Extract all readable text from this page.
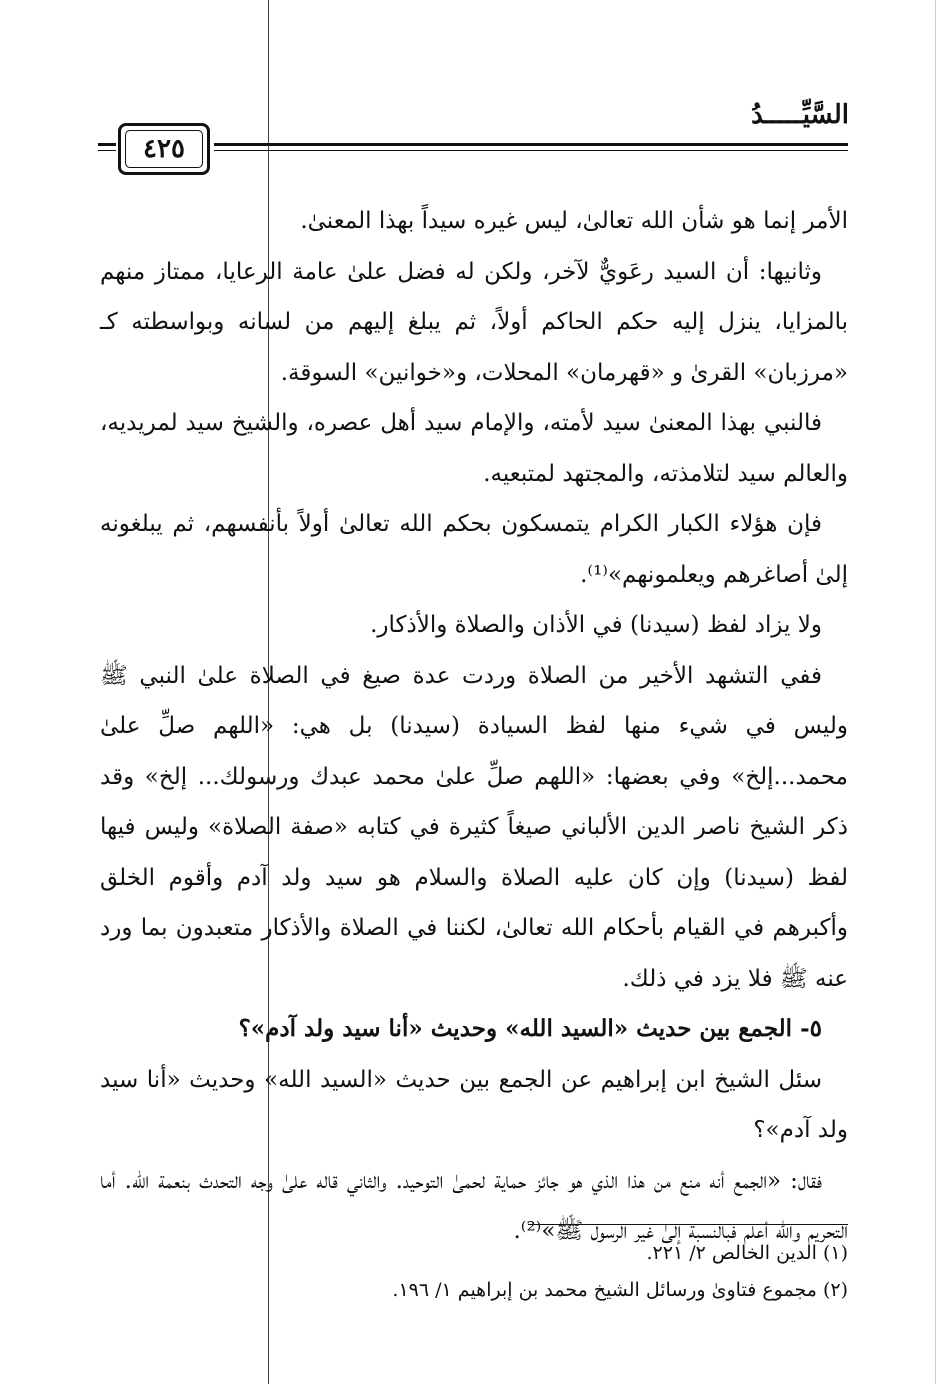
السَّيِّـــــدُ
٤٢٥

الأمر إنما هو شأن الله تعالىٰ، ليس غيره سيداً بهذا المعنىٰ.

وثانيها: أن السيد رعَويٌّ لآخر، ولكن له فضل علىٰ عامة الرعايا، ممتاز منهم بالمزايا، ينزل إليه حكم الحاكم أولاً، ثم يبلغ إليهم من لسانه وبواسطته كـ «مرزبان» القرىٰ و «قهرمان» المحلات، و«خوانين» السوقة.

فالنبي بهذا المعنىٰ سيد لأمته، والإمام سيد أهل عصره، والشيخ سيد لمريديه، والعالم سيد لتلامذته، والمجتهد لمتبعيه.

فإن هؤلاء الكبار الكرام يتمسكون بحكم الله تعالىٰ أولاً بأنفسهم، ثم يبلغونه إلىٰ أصاغرهم ويعلمونهم»⁽¹⁾.

ولا يزاد لفظ (سيدنا) في الأذان والصلاة والأذكار.

ففي التشهد الأخير من الصلاة وردت عدة صيغ في الصلاة علىٰ النبي ﷺ وليس في شيء منها لفظ السيادة (سيدنا) بل هي: «اللهم صلِّ علىٰ محمد...إلخ» وفي بعضها: «اللهم صلِّ علىٰ محمد عبدك ورسولك... إلخ» وقد ذكر الشيخ ناصر الدين الألباني صيغاً كثيرة في كتابه «صفة الصلاة» وليس فيها لفظ (سيدنا) وإن كان عليه الصلاة والسلام هو سيد ولد آدم وأقوم الخلق وأكبرهم في القيام بأحكام الله تعالىٰ، لكننا في الصلاة والأذكار متعبدون بما ورد عنه ﷺ فلا يزد في ذلك.

٥- الجمع بين حديث «السيد الله» وحديث «أنا سيد ولد آدم»؟

سئل الشيخ ابن إبراهيم عن الجمع بين حديث «السيد الله» وحديث «أنا سيد ولد آدم»؟

فقال: «الجمع أنه منع من هذا الذي هو جائز حماية لحمىٰ التوحيد. والثاني قاله علىٰ وجه التحدث بنعمة الله. أما التحريم والله أعلم فبالنسبة إلىٰ غير الرسول ﷺ»⁽²⁾.

(١) الدين الخالص ٢/ ٢٢١.

(٢) مجموع فتاوىٰ ورسائل الشيخ محمد بن إبراهيم ١/ ١٩٦.
